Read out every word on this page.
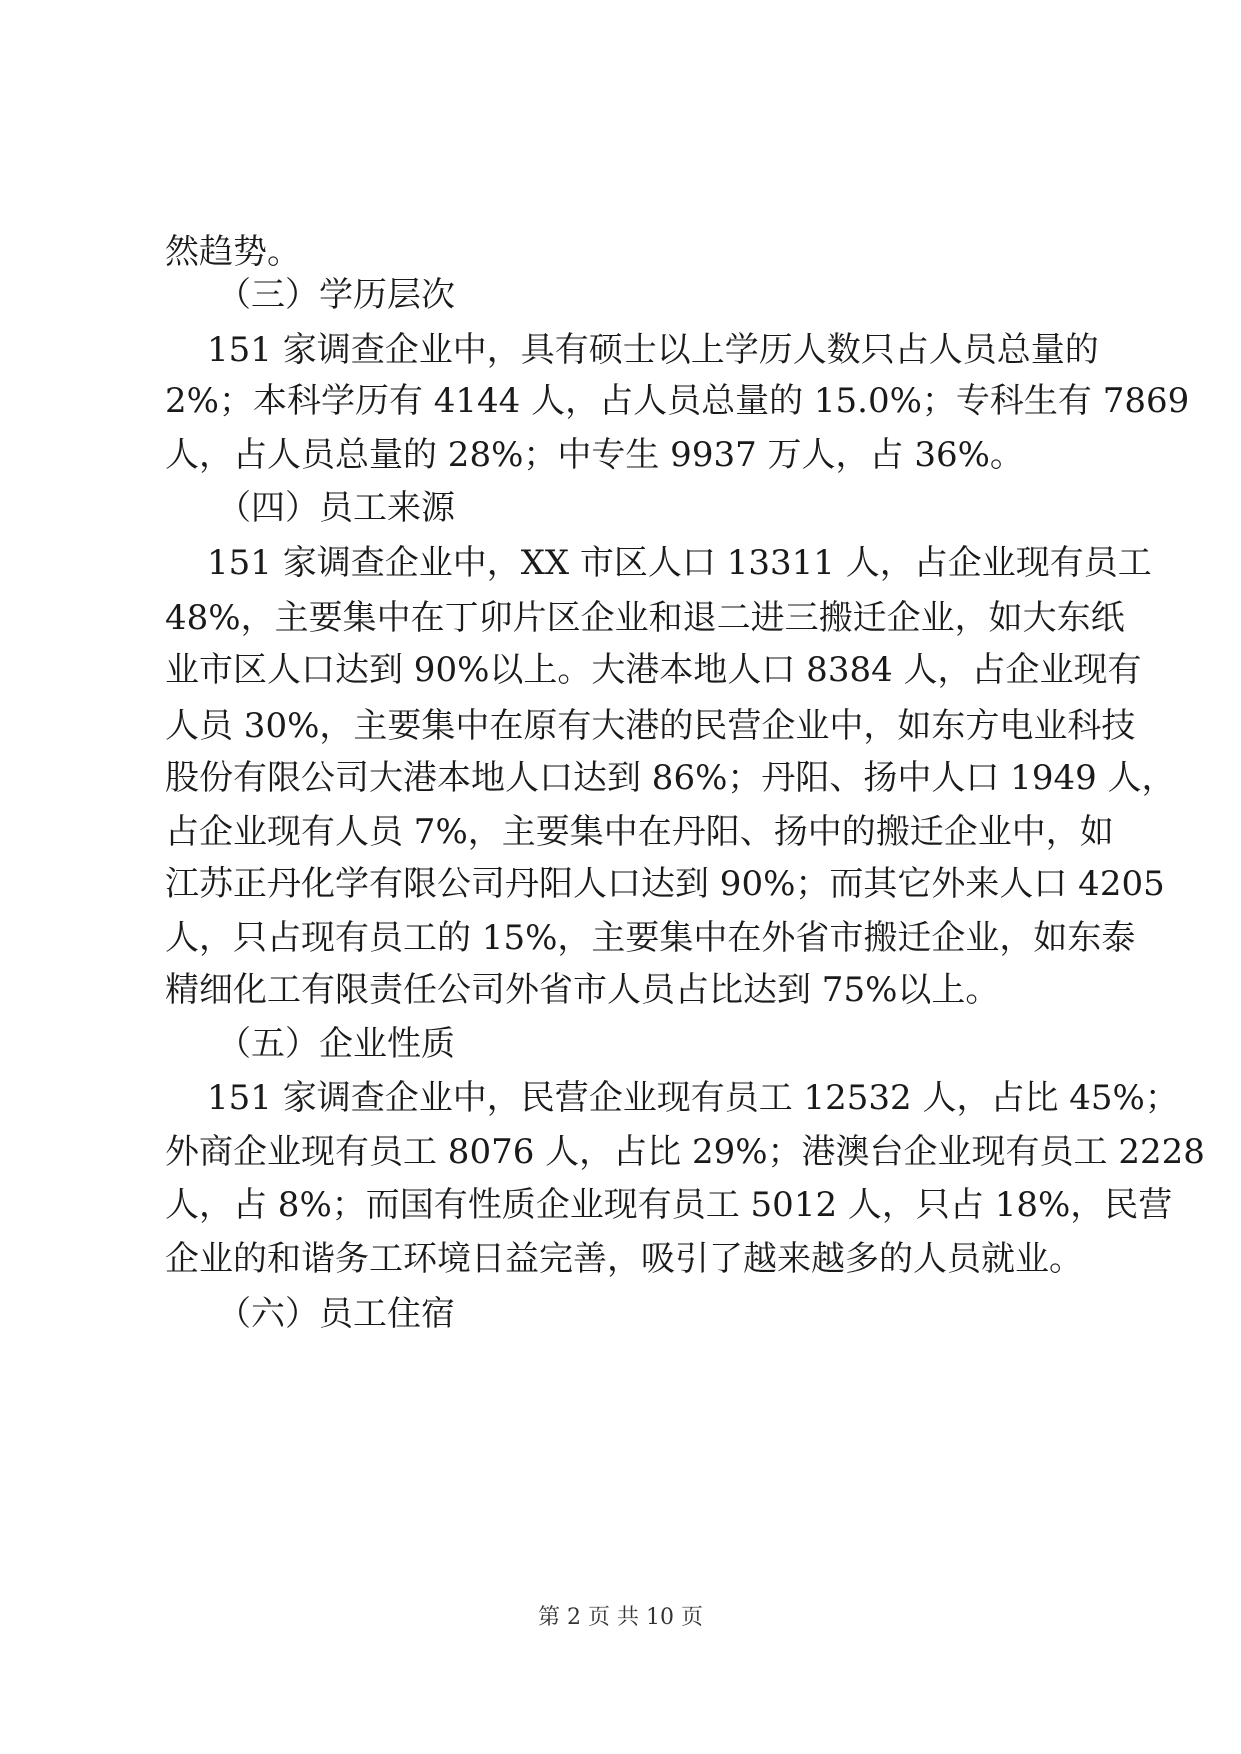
然趋势。
（三）学历层次
151 家调查企业中，具有硕士以上学历人数只占人员总量的
2%；本科学历有 4144 人，占人员总量的 15.0%；专科生有 7869
人，占人员总量的 28%；中专生 9937 万人，占 36%。
（四）员工来源
151 家调查企业中，XX 市区人口 13311 人，占企业现有员工
48%，主要集中在丁卯片区企业和退二进三搬迁企业，如大东纸
业市区人口达到 90%以上。大港本地人口 8384 人，占企业现有
人员 30%，主要集中在原有大港的民营企业中，如东方电业科技
股份有限公司大港本地人口达到 86%；丹阳、扬中人口 1949 人，
占企业现有人员 7%，主要集中在丹阳、扬中的搬迁企业中，如
江苏正丹化学有限公司丹阳人口达到 90%；而其它外来人口 4205
人，只占现有员工的 15%，主要集中在外省市搬迁企业，如东泰
精细化工有限责任公司外省市人员占比达到 75%以上。
（五）企业性质
151 家调查企业中，民营企业现有员工 12532 人，占比 45%；
外商企业现有员工 8076 人，占比 29%；港澳台企业现有员工 2228
人，占 8%；而国有性质企业现有员工 5012 人，只占 18%，民营
企业的和谐务工环境日益完善，吸引了越来越多的人员就业。
（六）员工住宿
第 2 页 共 10 页
